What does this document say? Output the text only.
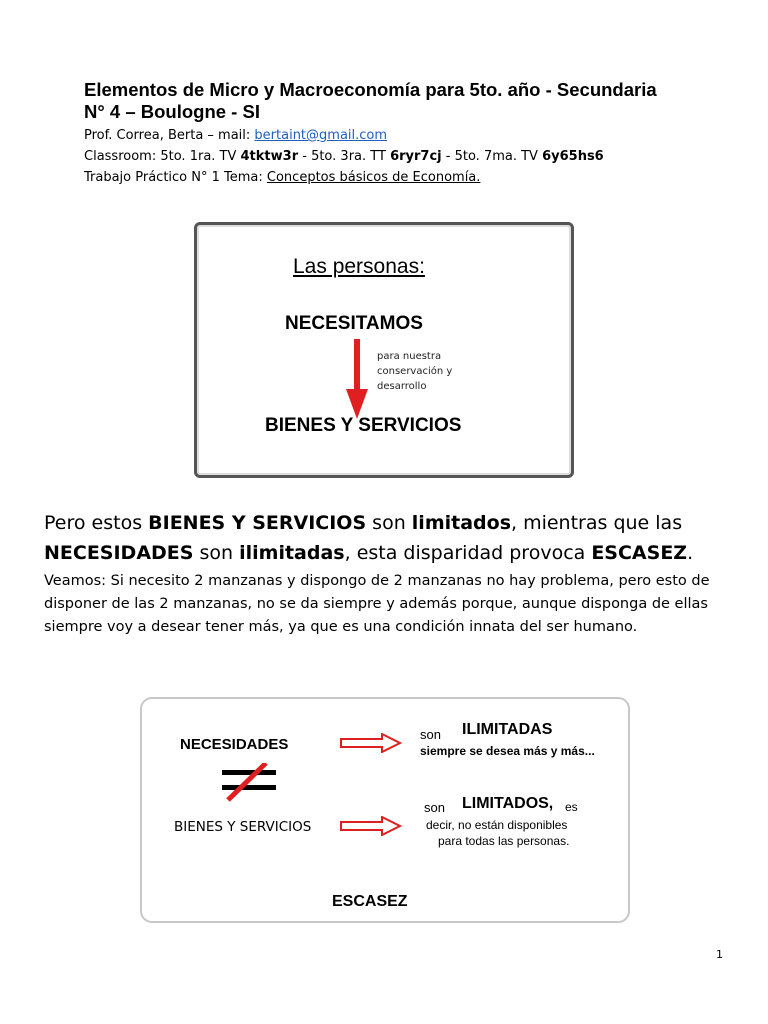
Elementos de Micro y Macroeconomía para 5to. año - Secundaria
N° 4 – Boulogne - SI

Prof. Correa, Berta – mail: bertaint@gmail.com
Classroom: 5to. 1ra. TV 4tktw3r - 5to. 3ra. TT 6ryr7cj - 5to. 7ma. TV 6y65hs6
Trabajo Práctico N° 1 Tema: Conceptos básicos de Economía.
Las personas:
NECESITAMOS
para nuestra
conservación y
desarrollo
BIENES Y SERVICIOS

Pero estos BIENES Y SERVICIOS son limitados, mientras que las
NECESIDADES son ilimitadas, esta disparidad provoca ESCASEZ.

Veamos: Si necesito 2 manzanas y dispongo de 2 manzanas no hay problema, pero esto de disponer de las 2 manzanas, no se da siempre y además porque, aunque disponga de ellas siempre voy a desear tener más, ya que es una condición innata del ser humano.

NECESIDADES
BIENES Y SERVICIOS
son ILIMITADAS
siempre se desea más y más...
son LIMITADOS, es
decir, no están disponibles
para todas las personas.
ESCASEZ
1
